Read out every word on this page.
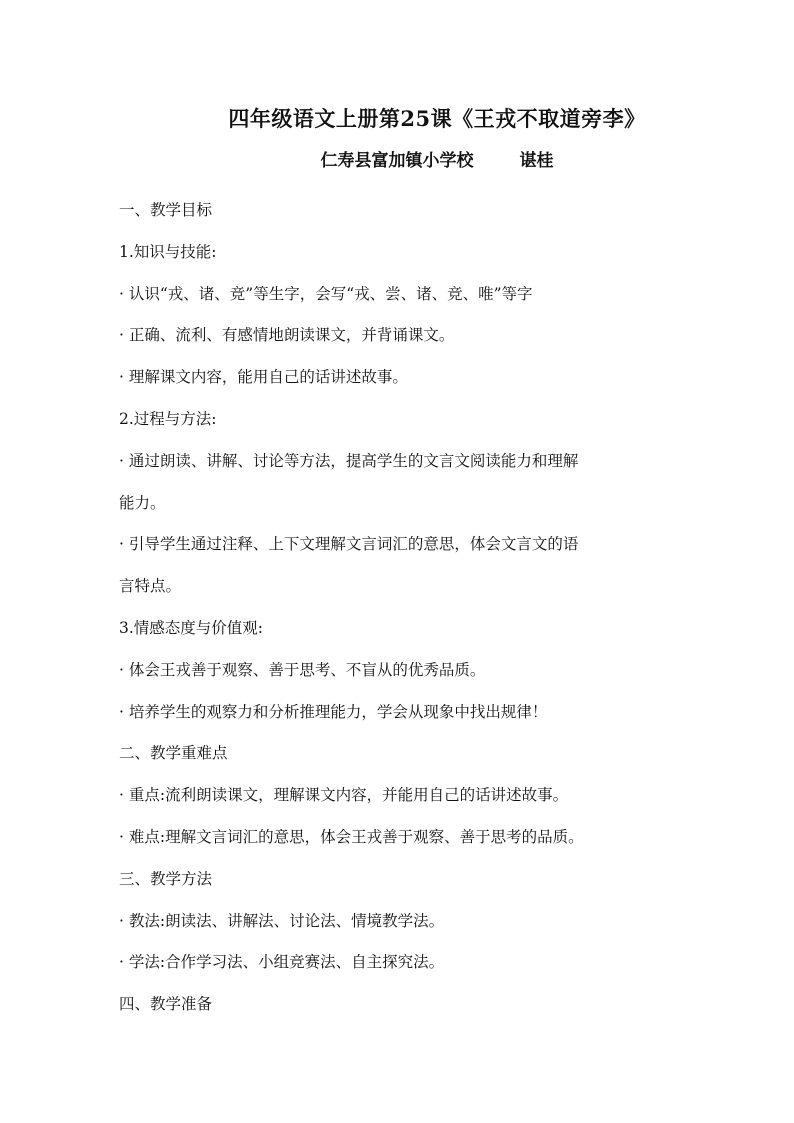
四年级语文上册第25课《王戎不取道旁李》
仁寿县富加镇小学校	谌桂
一、教学目标
1.知识与技能:
· 认识“戎、诸、竞”等生字，会写“戎、尝、诸、竞、唯”等字
· 正确、流利、有感情地朗读课文，并背诵课文。
· 理解课文内容，能用自己的话讲述故事。
2.过程与方法:
· 通过朗读、讲解、讨论等方法，提高学生的文言文阅读能力和理解
能力。
· 引导学生通过注释、上下文理解文言词汇的意思，体会文言文的语
言特点。
3.情感态度与价值观:
· 体会王戎善于观察、善于思考、不盲从的优秀品质。
· 培养学生的观察力和分析推理能力，学会从现象中找出规律！
二、教学重难点
· 重点:流利朗读课文，理解课文内容，并能用自己的话讲述故事。
· 难点:理解文言词汇的意思，体会王戎善于观察、善于思考的品质。
三、教学方法
· 教法:朗读法、讲解法、讨论法、情境教学法。
· 学法:合作学习法、小组竞赛法、自主探究法。
四、教学准备
